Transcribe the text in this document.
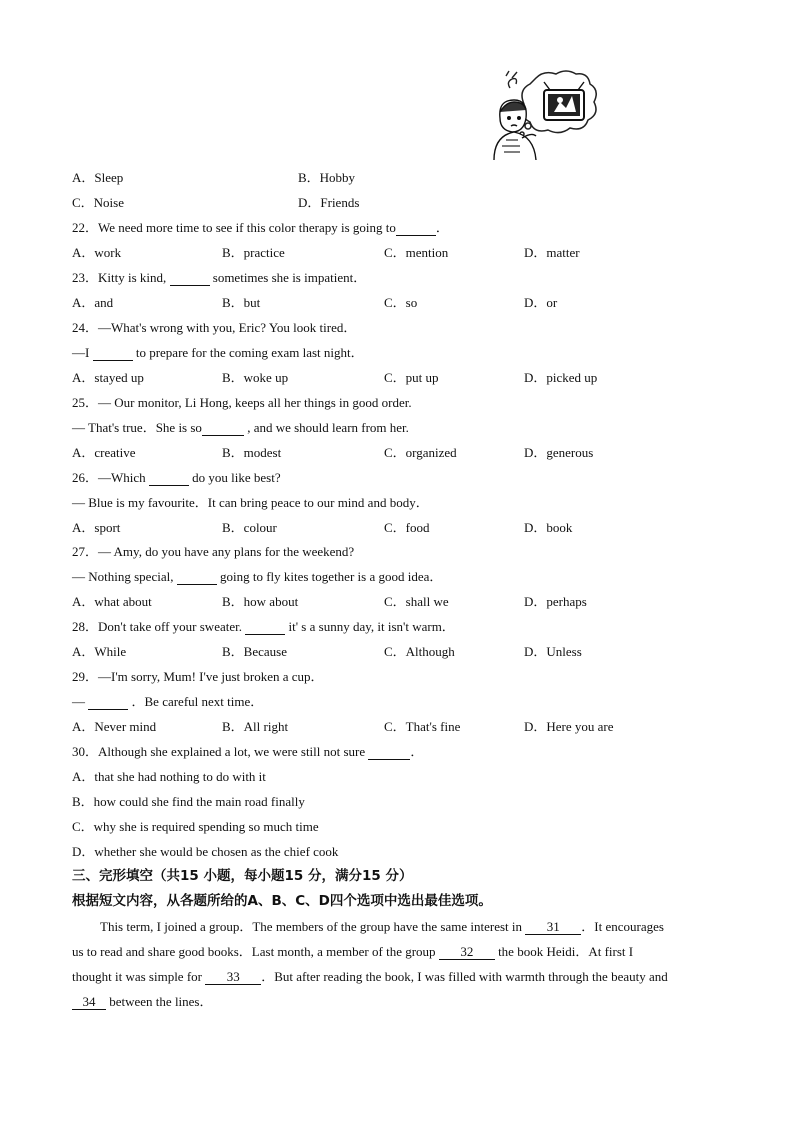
A．Sleep	B．Hobby
C．Noise	D．Friends
22．We need more time to see if this color therapy is going to	．
A．work	B．practice	C．mention	D．matter
23．Kitty is kind,	sometimes she is impatient．
A．and	B．but	C．so	D．or
24．—What's wrong with you, Eric? You look tired．
—I	to prepare for the coming exam last night．
A．stayed up	B．woke up	C．put up	D．picked up
25．— Our monitor, Li Hong, keeps all her things in good order.
— That's true．She is so	, and we should learn from her.
A．creative	B．modest	C．organized	D．generous
26．—Which	do you like best?
— Blue is my favourite．It can bring peace to our mind and body．
A．sport	B．colour	C．food	D．book
27．— Amy, do you have any plans for the weekend?
— Nothing special,	going to fly kites together is a good idea．
A．what about	B．how about	C．shall we	D．perhaps
28．Don't take off your sweater.	it' s a sunny day, it isn't warm．
A．While	B．Because	C．Although	D．Unless
29．—I'm sorry, Mum! I've just broken a cup．
—	．Be careful next time．
A．Never mind	B．All right	C．That's fine	D．Here you are
30．Although she explained a lot, we were still not sure	．
A．that she had nothing to do with it
B．how could she find the main road finally
C．why she is required spending so much time
D．whether she would be chosen as the chief cook
三、完形填空（共15 小题，每小题15 分，满分15 分）
根据短文内容，从各题所给的A、B、C、D四个选项中选出最佳选项。
This term, I joined a group．The members of the group have the same interest in 31 ．It encourages
us to read and share good books．Last month, a member of the group 32 the book Heidi．At first I
thought it was simple for 33 ．But after reading the book, I was filled with warmth through the beauty and
34 between the lines．
